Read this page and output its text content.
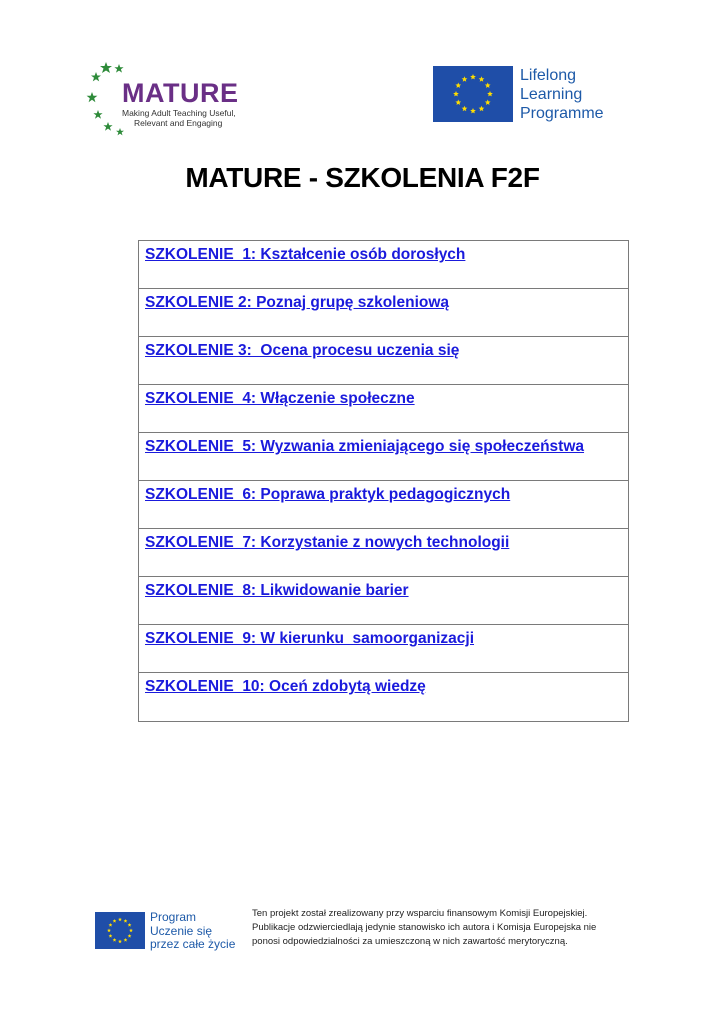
MATURE
Making Adult Teaching Useful,
Relevant and Engaging
Lifelong
Learning
Programme
MATURE - SZKOLENIA F2F
SZKOLENIE  1: Kształcenie osób dorosłych
SZKOLENIE 2: Poznaj grupę szkoleniową
SZKOLENIE 3:  Ocena procesu uczenia się
SZKOLENIE  4: Włączenie społeczne
SZKOLENIE  5: Wyzwania zmieniającego się społeczeństwa
SZKOLENIE  6: Poprawa praktyk pedagogicznych
SZKOLENIE  7: Korzystanie z nowych technologii
SZKOLENIE  8: Likwidowanie barier
SZKOLENIE  9: W kierunku  samoorganizacji
SZKOLENIE  10: Oceń zdobytą wiedzę
Program
Uczenie się
przez całe życie
Ten projekt został zrealizowany przy wsparciu finansowym Komisji Europejskiej.
Publikacje odzwierciedlają jedynie stanowisko ich autora i Komisja Europejska nie
ponosi odpowiedzialności za umieszczoną w nich zawartość merytoryczną.
